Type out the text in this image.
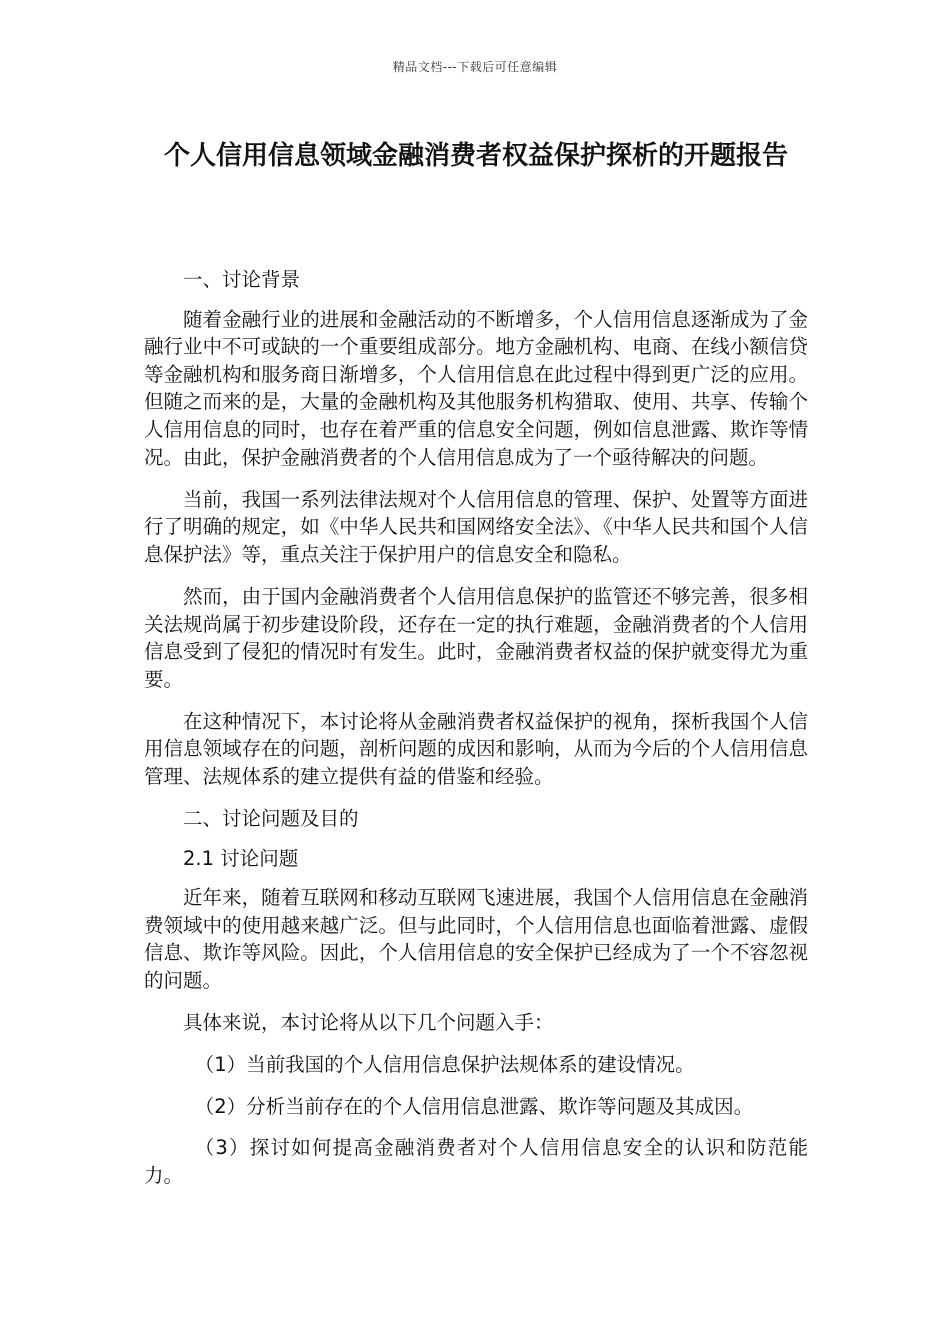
精品文档---下载后可任意编辑
个人信用信息领域金融消费者权益保护探析的开题报告

一、讨论背景

随着金融行业的进展和金融活动的不断增多，个人信用信息逐渐成为了金融行业中不可或缺的一个重要组成部分。地方金融机构、电商、在线小额信贷等金融机构和服务商日渐增多，个人信用信息在此过程中得到更广泛的应用。但随之而来的是，大量的金融机构及其他服务机构猎取、使用、共享、传输个人信用信息的同时，也存在着严重的信息安全问题，例如信息泄露、欺诈等情况。由此，保护金融消费者的个人信用信息成为了一个亟待解决的问题。

当前，我国一系列法律法规对个人信用信息的管理、保护、处置等方面进行了明确的规定，如《中华人民共和国网络安全法》、《中华人民共和国个人信息保护法》等，重点关注于保护用户的信息安全和隐私。

然而，由于国内金融消费者个人信用信息保护的监管还不够完善，很多相关法规尚属于初步建设阶段，还存在一定的执行难题，金融消费者的个人信用信息受到了侵犯的情况时有发生。此时，金融消费者权益的保护就变得尤为重要。

在这种情况下，本讨论将从金融消费者权益保护的视角，探析我国个人信用信息领域存在的问题，剖析问题的成因和影响，从而为今后的个人信用信息管理、法规体系的建立提供有益的借鉴和经验。

二、讨论问题及目的

2.1 讨论问题

近年来，随着互联网和移动互联网飞速进展，我国个人信用信息在金融消费领域中的使用越来越广泛。但与此同时，个人信用信息也面临着泄露、虚假信息、欺诈等风险。因此，个人信用信息的安全保护已经成为了一个不容忽视的问题。

具体来说，本讨论将从以下几个问题入手：

（1）当前我国的个人信用信息保护法规体系的建设情况。

（2）分析当前存在的个人信用信息泄露、欺诈等问题及其成因。

（3）探讨如何提高金融消费者对个人信用信息安全的认识和防范能力。
